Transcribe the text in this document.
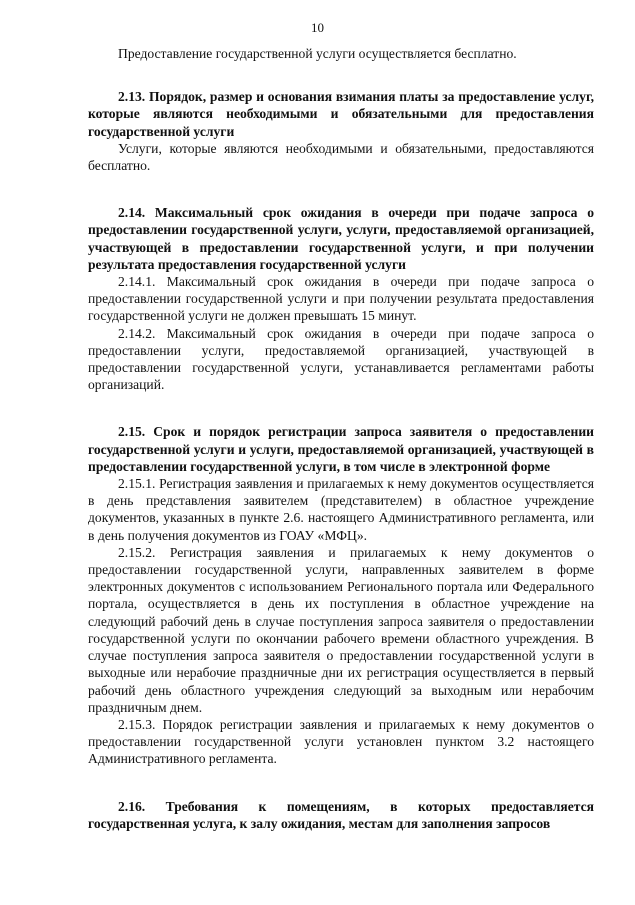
10

Предоставление государственной услуги осуществляется бесплатно.

2.13. Порядок, размер и основания взимания платы за предоставление услуг, которые являются необходимыми и обязательными для предоставления государственной услуги

Услуги, которые являются необходимыми и обязательными, предоставляются бесплатно.

2.14. Максимальный срок ожидания в очереди при подаче запроса о предоставлении государственной услуги, услуги, предоставляемой организацией, участвующей в предоставлении государственной услуги, и при получении результата предоставления государственной услуги

2.14.1. Максимальный срок ожидания в очереди при подаче запроса о предоставлении государственной услуги и при получении результата предоставления государственной услуги не должен превышать 15 минут.

2.14.2. Максимальный срок ожидания в очереди при подаче запроса о предоставлении услуги, предоставляемой организацией, участвующей в предоставлении государственной услуги, устанавливается регламентами работы организаций.

2.15. Срок и порядок регистрации запроса заявителя о предоставлении государственной услуги и услуги, предоставляемой организацией, участвующей в предоставлении государственной услуги, в том числе в электронной форме

2.15.1. Регистрация заявления и прилагаемых к нему документов осуществляется в день представления заявителем (представителем) в областное учреждение документов, указанных в пункте 2.6. настоящего Административного регламента, или в день получения документов из ГОАУ «МФЦ».

2.15.2. Регистрация заявления и прилагаемых к нему документов о предоставлении государственной услуги, направленных заявителем в форме электронных документов с использованием Регионального портала или Федерального портала, осуществляется в день их поступления в областное учреждение на следующий рабочий день в случае поступления запроса заявителя о предоставлении государственной услуги по окончании рабочего времени областного учреждения. В случае поступления запроса заявителя о предоставлении государственной услуги в выходные или нерабочие праздничные дни их регистрация осуществляется в первый рабочий день областного учреждения следующий за выходным или нерабочим праздничным днем.

2.15.3. Порядок регистрации заявления и прилагаемых к нему документов о предоставлении государственной услуги установлен пунктом 3.2 настоящего Административного регламента.

2.16. Требования к помещениям, в которых предоставляется государственная услуга, к залу ожидания, местам для заполнения запросов
